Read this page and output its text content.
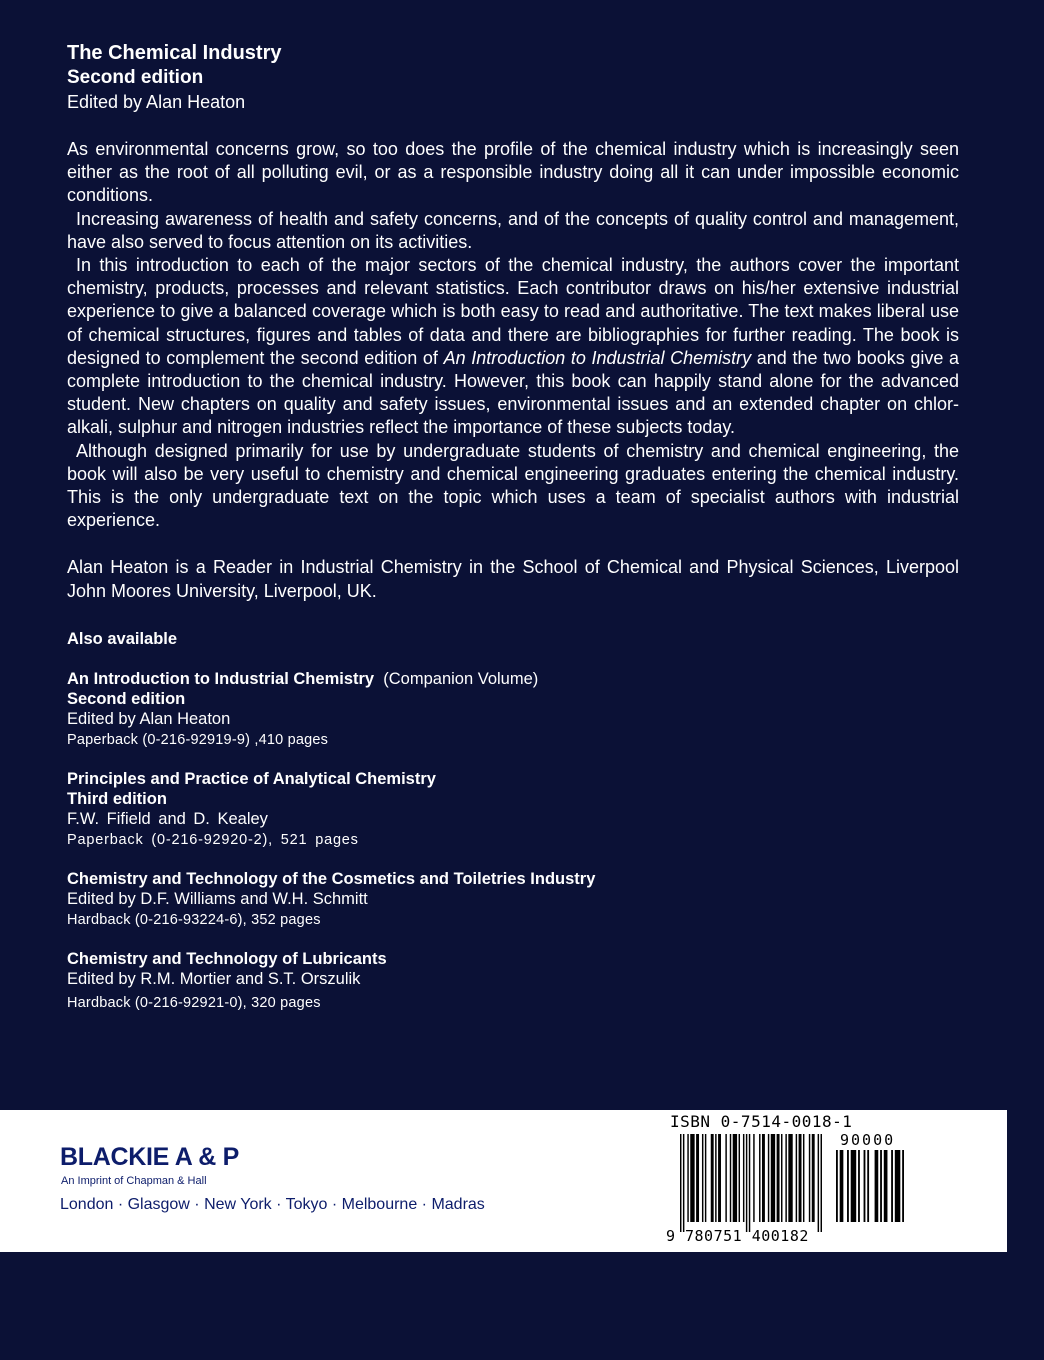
The Chemical Industry
Second edition
Edited by Alan Heaton

As environmental concerns grow, so too does the profile of the chemical industry which is increasingly seen either as the root of all polluting evil, or as a responsible industry doing all it can under impossible economic conditions.

Increasing awareness of health and safety concerns, and of the concepts of quality control and management, have also served to focus attention on its activities.

In this introduction to each of the major sectors of the chemical industry, the authors cover the important chemistry, products, processes and relevant statistics. Each contributor draws on his/her extensive industrial experience to give a balanced coverage which is both easy to read and authoritative. The text makes liberal use of chemical structures, figures and tables of data and there are bibliographies for further reading. The book is designed to complement the second edition of An Introduction to Industrial Chemistry and the two books give a complete introduction to the chemical industry. However, this book can happily stand alone for the advanced student. New chapters on quality and safety issues, environmental issues and an extended chapter on chlor-alkali, sulphur and nitrogen industries reflect the importance of these subjects today.

Although designed primarily for use by undergraduate students of chemistry and chemical engineering, the book will also be very useful to chemistry and chemical engineering graduates entering the chemical industry. This is the only undergraduate text on the topic which uses a team of specialist authors with industrial experience.

Alan Heaton is a Reader in Industrial Chemistry in the School of Chemical and Physical Sciences, Liverpool John Moores University, Liverpool, UK.
Also available
An Introduction to Industrial Chemistry (Companion Volume)
Second edition
Edited by Alan Heaton
Paperback (0-216-92919-9) ,410 pages
Principles and Practice of Analytical Chemistry
Third edition
F.W. Fifield and D. Kealey
Paperback (0-216-92920-2), 521 pages
Chemistry and Technology of the Cosmetics and Toiletries Industry
Edited by D.F. Williams and W.H. Schmitt
Hardback (0-216-93224-6), 352 pages
Chemistry and Technology of Lubricants
Edited by R.M. Mortier and S.T. Orszulik
Hardback (0-216-92921-0), 320 pages
BLACKIE A & P
An Imprint of Chapman & Hall
London · Glasgow · New York · Tokyo · Melbourne · Madras
ISBN 0-7514-0018-1
90000
9 780751 400182
